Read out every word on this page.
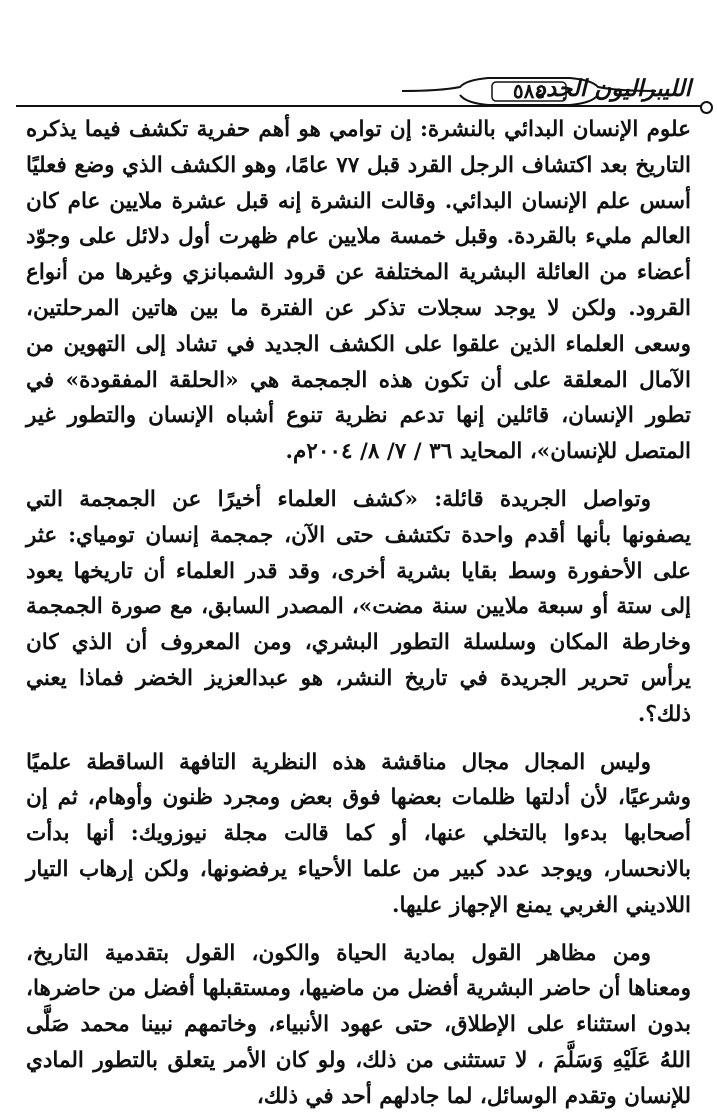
٥٨٤
الليبراليون الجدد

علوم الإنسان البدائي بالنشرة: إن توامي هو أهم حفرية تكشف فيما يذكره التاريخ بعد اكتشاف الرجل القرد قبل ٧٧ عامًا، وهو الكشف الذي وضع فعليًا أسس علم الإنسان البدائي. وقالت النشرة إنه قبل عشرة ملايين عام كان العالم مليء بالقردة. وقبل خمسة ملايين عام ظهرت أول دلائل على وجوّد أعضاء من العائلة البشرية المختلفة عن قرود الشمبانزي وغيرها من أنواع القرود. ولكن لا يوجد سجلات تذكر عن الفترة ما بين هاتين المرحلتين، وسعى العلماء الذين علقوا على الكشف الجديد في تشاد إلى التهوين من الآمال المعلقة على أن تكون هذه الجمجمة هي «الحلقة المفقودة» في تطور الإنسان، قائلين إنها تدعم نظرية تنوع أشباه الإنسان والتطور غير المتصل للإنسان»، المحايد ٣٦ / ٧/ ٨/ ٢٠٠٤م.

وتواصل الجريدة قائلة: «كشف العلماء أخيرًا عن الجمجمة التي يصفونها بأنها أقدم واحدة تكتشف حتى الآن، جمجمة إنسان تومياي: عثر على الأحفورة وسط بقايا بشرية أخرى، وقد قدر العلماء أن تاريخها يعود إلى ستة أو سبعة ملايين سنة مضت»، المصدر السابق، مع صورة الجمجمة وخارطة المكان وسلسلة التطور البشري، ومن المعروف أن الذي كان يرأس تحرير الجريدة في تاريخ النشر، هو عبدالعزيز الخضر فماذا يعني ذلك؟.

وليس المجال مجال مناقشة هذه النظرية التافهة الساقطة علميًا وشرعيًا، لأن أدلتها ظلمات بعضها فوق بعض ومجرد ظنون وأوهام، ثم إن أصحابها بدءوا بالتخلي عنها، أو كما قالت مجلة نيوزويك: أنها بدأت بالانحسار، ويوجد عدد كبير من علما الأحياء يرفضونها، ولكن إرهاب التيار اللاديني الغربي يمنع الإجهاز عليها.

ومن مظاهر القول بمادية الحياة والكون، القول بتقدمية التاريخ، ومعناها أن حاضر البشرية أفضل من ماضيها، ومستقبلها أفضل من حاضرها، بدون استثناء على الإطلاق، حتى عهود الأنبياء، وخاتمهم نبينا محمد صَلَّى اللهُ عَلَيْهِ وَسَلَّمَ ، لا تستثنى من ذلك، ولو كان الأمر يتعلق بالتطور المادي للإنسان وتقدم الوسائل، لما جادلهم أحد في ذلك،
